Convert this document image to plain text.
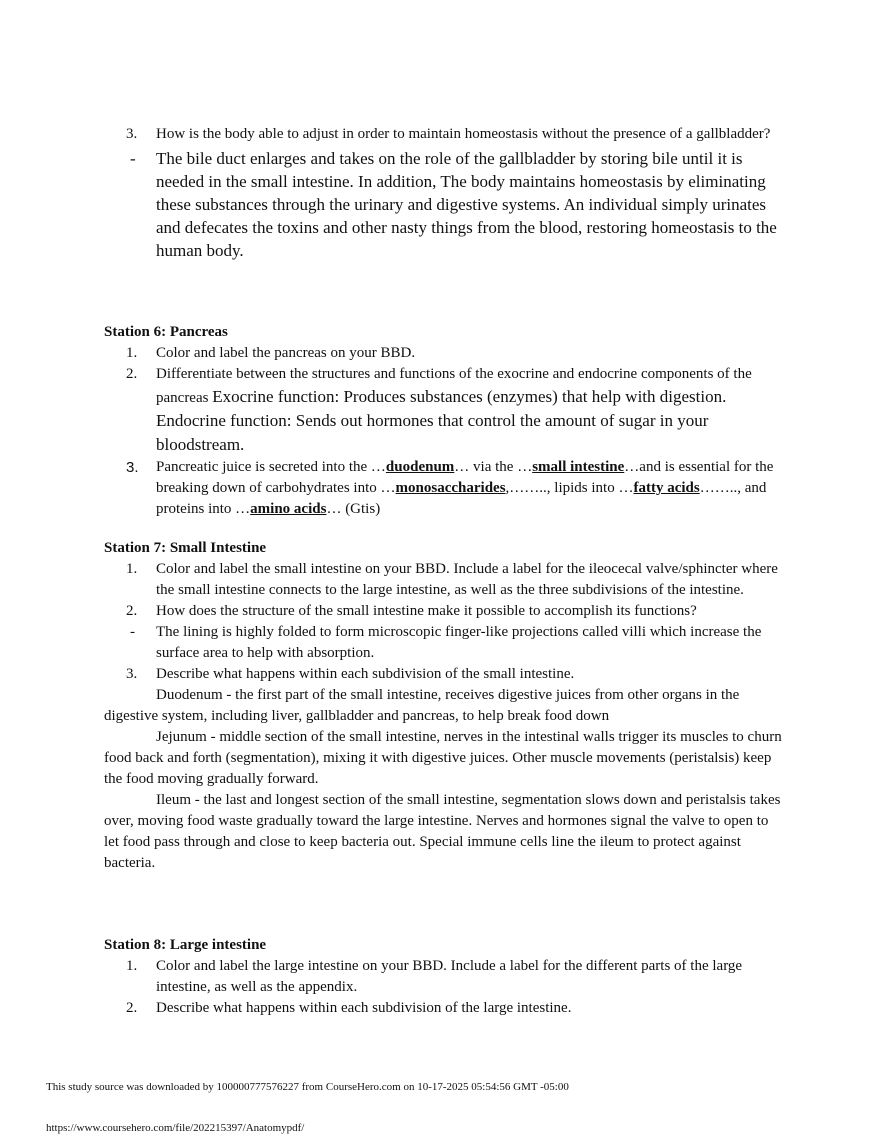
3. How is the body able to adjust in order to maintain homeostasis without the presence of a gallbladder?
- The bile duct enlarges and takes on the role of the gallbladder by storing bile until it is needed in the small intestine. In addition, The body maintains homeostasis by eliminating these substances through the urinary and digestive systems. An individual simply urinates and defecates the toxins and other nasty things from the blood, restoring homeostasis to the human body.
Station 6: Pancreas
1. Color and label the pancreas on your BBD.
2. Differentiate between the structures and functions of the exocrine and endocrine components of the pancreas Exocrine function: Produces substances (enzymes) that help with digestion. Endocrine function: Sends out hormones that control the amount of sugar in your bloodstream.
3. Pancreatic juice is secreted into the …duodenum… via the …small intestine…and is essential for the breaking down of carbohydrates into …monosaccharides,…….., lipids into …fatty acids…….., and proteins into …amino acids… (Gtis)
Station 7: Small Intestine
1. Color and label the small intestine on your BBD. Include a label for the ileocecal valve/sphincter where the small intestine connects to the large intestine, as well as the three subdivisions of the intestine.
2. How does the structure of the small intestine make it possible to accomplish its functions?
- The lining is highly folded to form microscopic finger-like projections called villi which increase the surface area to help with absorption.
3. Describe what happens within each subdivision of the small intestine.
Duodenum - the first part of the small intestine, receives digestive juices from other organs in the digestive system, including liver, gallbladder and pancreas, to help break food down
Jejunum - middle section of the small intestine, nerves in the intestinal walls trigger its muscles to churn food back and forth (segmentation), mixing it with digestive juices. Other muscle movements (peristalsis) keep the food moving gradually forward.
Ileum - the last and longest section of the small intestine, segmentation slows down and peristalsis takes over, moving food waste gradually toward the large intestine. Nerves and hormones signal the valve to open to let food pass through and close to keep bacteria out. Special immune cells line the ileum to protect against bacteria.
Station 8: Large intestine
1. Color and label the large intestine on your BBD. Include a label for the different parts of the large intestine, as well as the appendix.
2. Describe what happens within each subdivision of the large intestine.
This study source was downloaded by 100000777576227 from CourseHero.com on 10-17-2025 05:54:56 GMT -05:00
https://www.coursehero.com/file/202215397/Anatomypdf/
